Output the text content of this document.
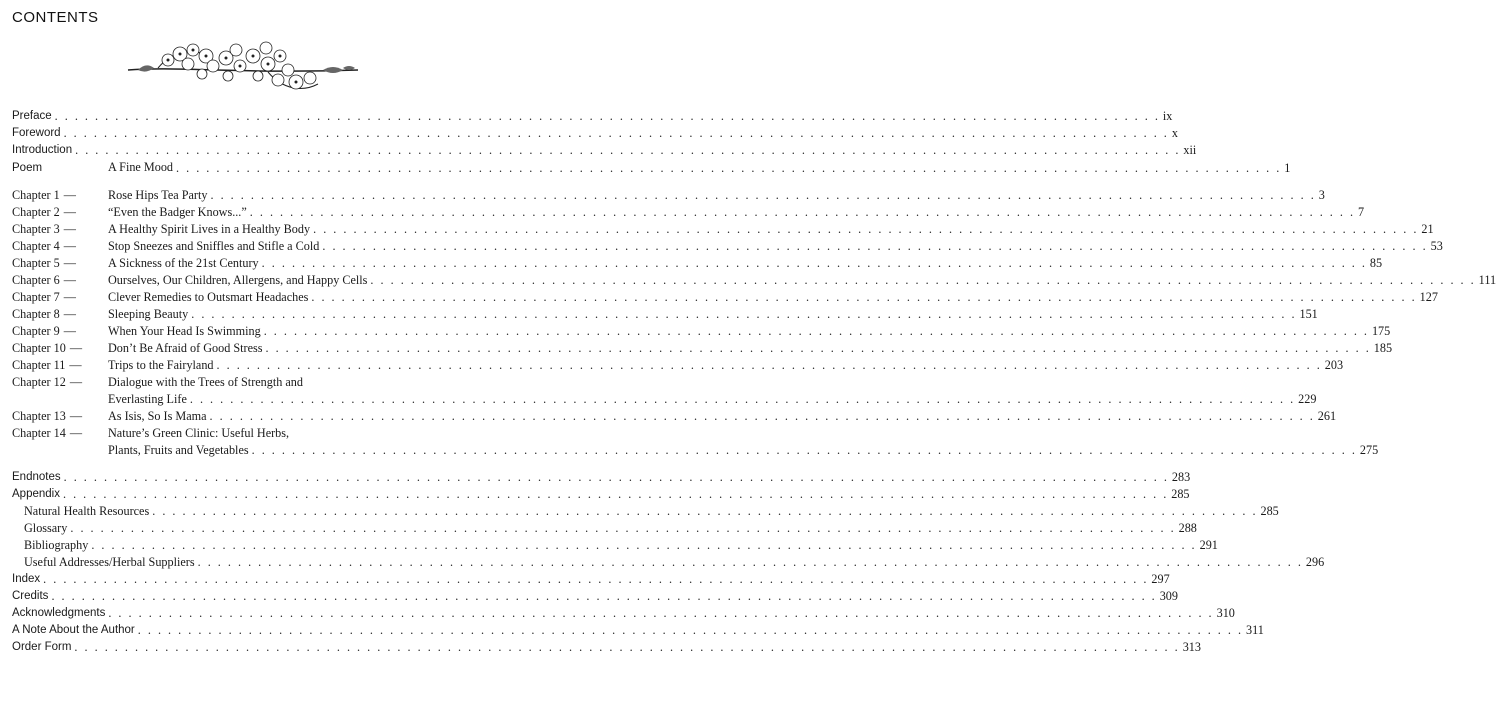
CONTENTS
Preface . . .	ix
Foreword . . .	x
Introduction . . .	xii
Poem	A Fine Mood . . .	1
Chapter 1 —	Rose Hips Tea Party . . .	3
Chapter 2 —	“Even the Badger Knows...” . . .	7
Chapter 3 —	A Healthy Spirit Lives in a Healthy Body . . .	21
Chapter 4 —	Stop Sneezes and Sniffles and Stifle a Cold . . .	53
Chapter 5 —	A Sickness of the 21st Century . . .	85
Chapter 6 —	Ourselves, Our Children, Allergens, and Happy Cells . . .	111
Chapter 7 —	Clever Remedies to Outsmart Headaches . . .	127
Chapter 8 —	Sleeping Beauty . . .	151
Chapter 9 —	When Your Head Is Swimming . . .	175
Chapter 10 — Don’t Be Afraid of Good Stress . . .	185
Chapter 11 — Trips to the Fairyland . . .	203
Chapter 12 — Dialogue with the Trees of Strength and
Everlasting Life . . .	229
Chapter 13 — As Isis, So Is Mama . . .	261
Chapter 14 — Nature’s Green Clinic: Useful Herbs,
Plants, Fruits and Vegetables . . .	275
Endnotes . . .	283
Appendix . . .	285
Natural Health Resources . . .	285
Glossary . . .	288
Bibliography . . .	291
Useful Addresses/Herbal Suppliers . . .	296
Index . . .	297
Credits . . .	309
Acknowledgments . . .	310
A Note About the Author . . .	311
Order Form . . .	313
